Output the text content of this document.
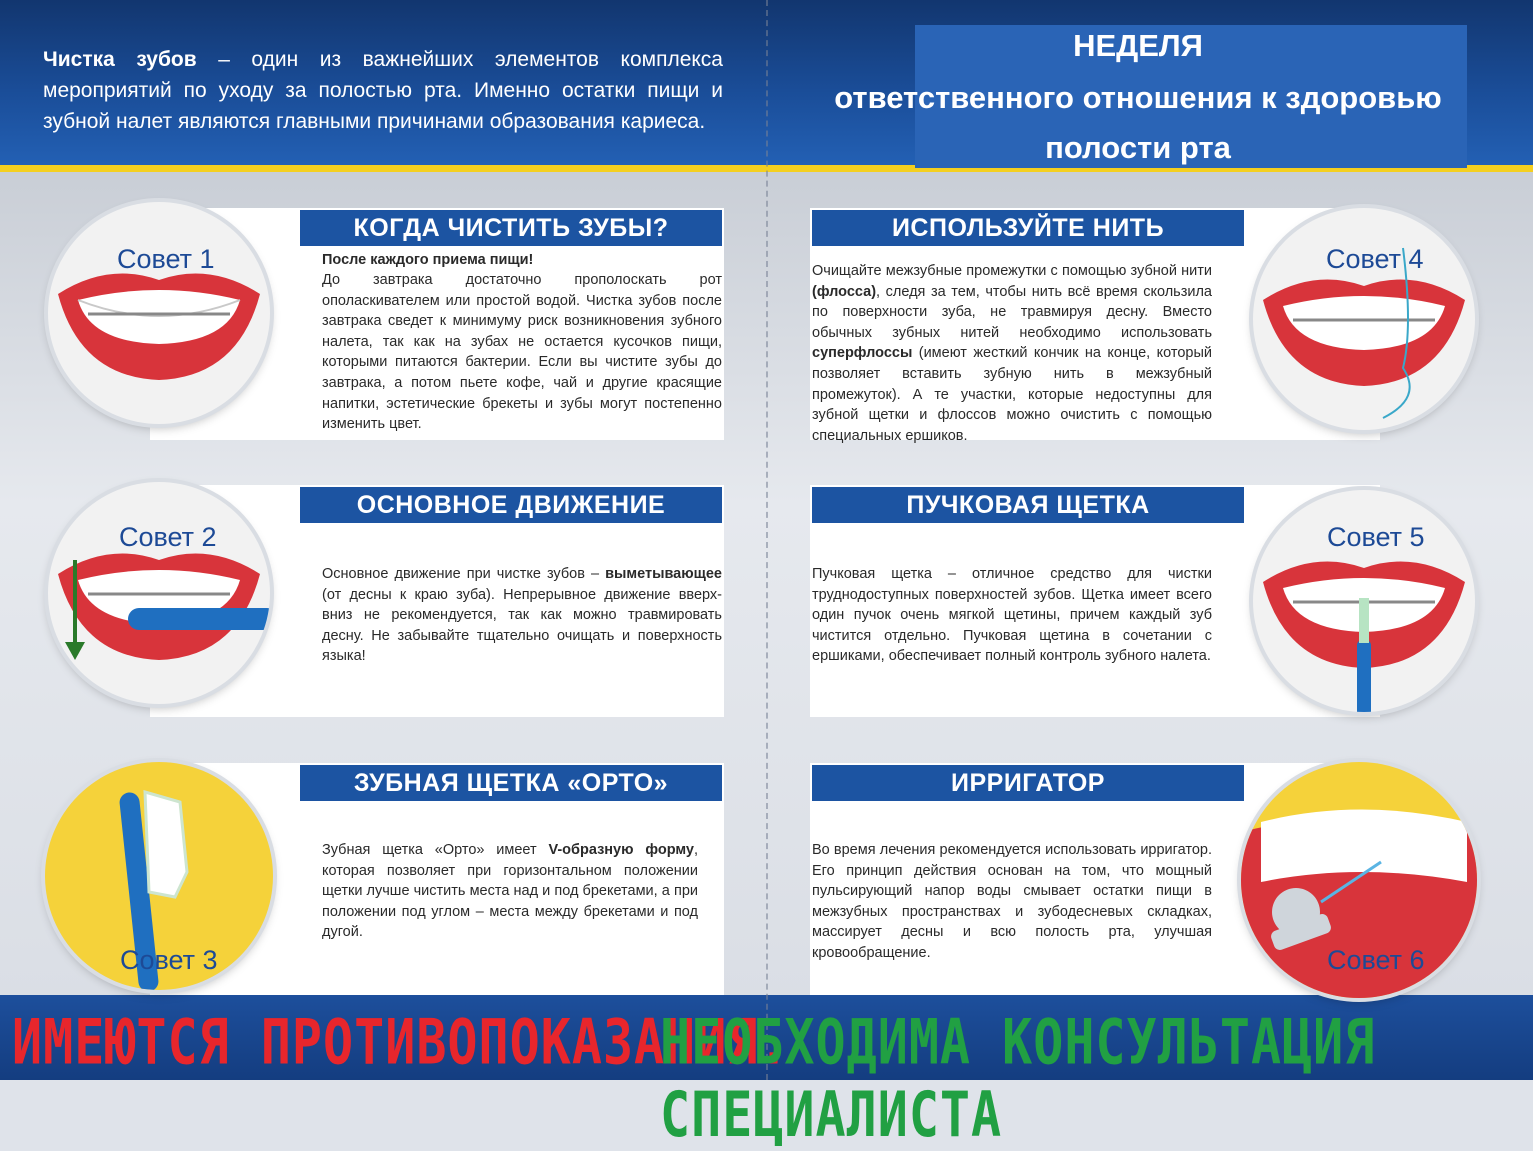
Чистка зубов – один из важнейших элементов комплекса мероприятий по уходу за полостью рта. Именно остатки пищи и зубной налет являются главными причинами образования кариеса.
НЕДЕЛЯ
ответственного отношения к здоровью
полости рта
КОГДА ЧИСТИТЬ ЗУБЫ?
После каждого приема пищи!
До завтрака достаточно прополоскать рот ополаскивателем или простой водой. Чистка зубов после завтрака сведет к минимуму риск возникновения зубного налета, так как на зубах не остается кусочков пищи, которыми питаются бактерии. Если вы чистите зубы до завтрака, а потом пьете кофе, чай и другие красящие напитки, эстетические брекеты и зубы могут постепенно изменить цвет.
Совет 1
ОСНОВНОЕ ДВИЖЕНИЕ
Основное движение при чистке зубов – выметывающее (от десны к краю зуба). Непрерывное движение вверх-вниз не рекомендуется, так как можно травмировать десну. Не забывайте тщательно очищать и поверхность языка!
Совет 2
ЗУБНАЯ ЩЕТКА «ОРТО»
Зубная щетка «Орто» имеет V-образную форму, которая позволяет при горизонтальном положении щетки лучше чистить места над и под брекетами, а при положении под углом – места между брекетами и под дугой.
Совет 3
ИСПОЛЬЗУЙТЕ НИТЬ
Очищайте межзубные промежутки с помощью зубной нити (флосса), следя за тем, чтобы нить всё время скользила по поверхности зуба, не травмируя десну. Вместо обычных зубных нитей необходимо использовать суперфлоссы (имеют жесткий кончик на конце, который позволяет вставить зубную нить в межзубный промежуток). А те участки, которые недоступны для зубной щетки и флоссов можно очистить с помощью специальных ершиков.
Совет 4
ПУЧКОВАЯ ЩЕТКА
Пучковая щетка – отличное средство для чистки труднодоступных поверхностей зубов. Щетка имеет всего один пучок очень мягкой щетины, причем каждый зуб чистится отдельно. Пучковая щетина в сочетании с ершиками, обеспечивает полный контроль зубного налета.
Совет 5
ИРРИГАТОР
Во время лечения рекомендуется использовать ирригатор. Его принцип действия основан на том, что мощный пульсирующий напор воды смывает остатки пищи в межзубных пространствах и зубодесневых складках, массирует десны и всю полость рта, улучшая кровообращение.	Совет 6
ИМЕЮТСЯ ПРОТИВОПОКАЗАНИЯ.
НЕОБХОДИМА КОНСУЛЬТАЦИЯ СПЕЦИАЛИСТА
